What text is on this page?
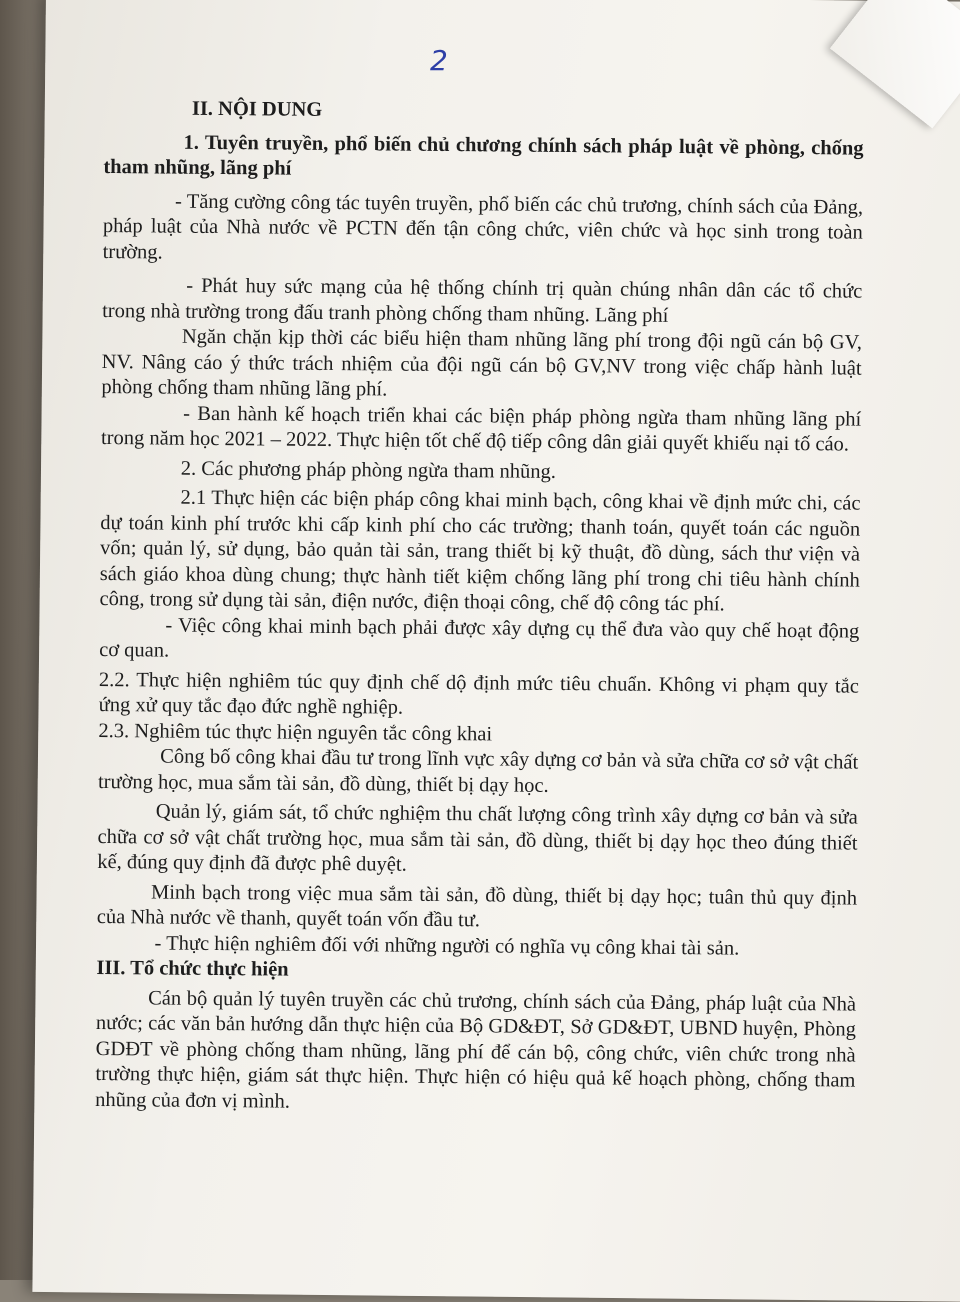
2
II. NỘI DUNG
1. Tuyên truyền, phổ biến chủ chương chính sách pháp luật về phòng, chống tham nhũng, lãng phí
- Tăng cường công tác tuyên truyền, phổ biến các chủ trương, chính sách của Đảng, pháp luật của Nhà nước về PCTN đến tận công chức, viên chức và học sinh trong toàn trường.
- Phát huy sức mạng của hệ thống chính trị quàn chúng nhân dân các tổ chức trong nhà trường trong đấu tranh phòng chống tham nhũng. Lãng phí
Ngăn chặn kịp thời các biểu hiện tham nhũng lãng phí trong đội ngũ cán bộ GV, NV. Nâng cáo ý thức trách nhiệm của đội ngũ cán bộ GV,NV trong việc chấp hành luật phòng chống tham nhũng lãng phí.
- Ban hành kế hoạch triển khai các biện pháp phòng ngừa tham nhũng lãng phí trong năm học 2021 – 2022. Thực hiện tốt chế độ tiếp công dân giải quyết khiếu nại tố cáo.
2. Các phương pháp phòng ngừa tham nhũng.
2.1 Thực hiện các biện pháp công khai minh bạch, công khai về định mức chi, các dự toán kinh phí trước khi cấp kinh phí cho các trường; thanh toán, quyết toán các nguồn vốn; quản lý, sử dụng, bảo quản tài sản, trang thiết bị kỹ thuật, đồ dùng, sách thư viện và sách giáo khoa dùng chung; thực hành tiết kiệm chống lãng phí trong chi tiêu hành chính công, trong sử dụng tài sản, điện nước, điện thoại công, chế độ công tác phí.
- Việc công khai minh bạch phải được xây dựng cụ thể đưa vào quy chế hoạt động cơ quan.
2.2. Thực hiện nghiêm túc quy định chế dộ định mức tiêu chuẩn. Không vi phạm quy tắc ứng xử quy tắc đạo đức nghề nghiệp.
2.3. Nghiêm túc thực hiện nguyên tắc công khai
Công bố công khai đầu tư trong lĩnh vực xây dựng cơ bản và sửa chữa cơ sở vật chất trường học, mua sắm tài sản, đồ dùng, thiết bị dạy học.
Quản lý, giám sát, tổ chức nghiệm thu chất lượng công trình xây dựng cơ bản và sửa chữa cơ sở vật chất trường học, mua sắm tài sản, đồ dùng, thiết bị dạy học theo đúng thiết kế, đúng quy định đã được phê duyệt.
Minh bạch trong việc mua sắm tài sản, đồ dùng, thiết bị dạy học; tuân thủ quy định của Nhà nước về thanh, quyết toán vốn đầu tư.
- Thực hiện nghiêm đối với những người có nghĩa vụ công khai tài sản.
III. Tổ chức thực hiện
Cán bộ quản lý tuyên truyền các chủ trương, chính sách của Đảng, pháp luật của Nhà nước; các văn bản hướng dẫn thực hiện của Bộ GD&ĐT, Sở GD&ĐT, UBND huyện, Phòng GDĐT về phòng chống tham nhũng, lãng phí để cán bộ, công chức, viên chức trong nhà trường thực hiện, giám sát thực hiện. Thực hiện có hiệu quả kế hoạch phòng, chống tham nhũng của đơn vị mình.
